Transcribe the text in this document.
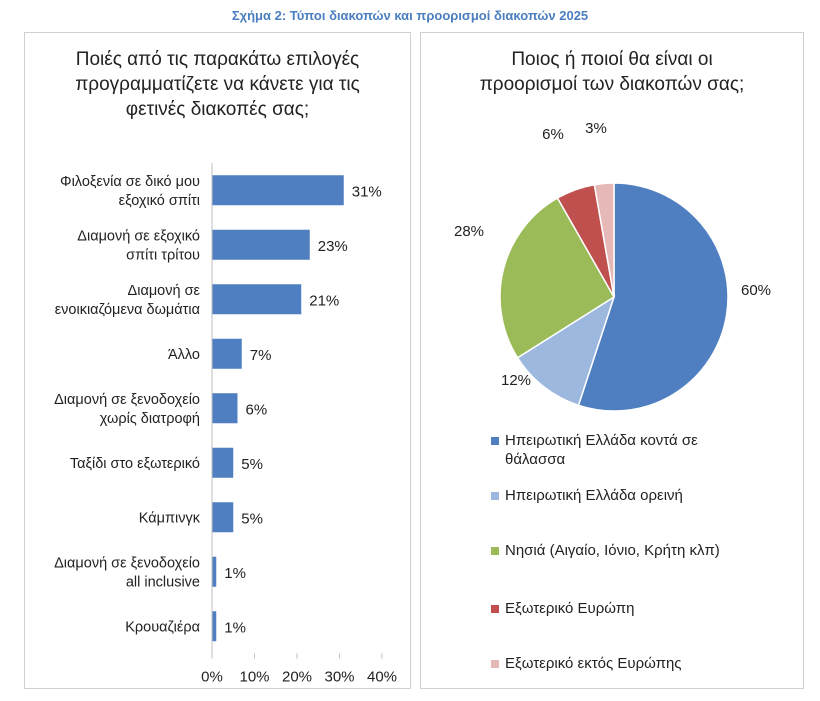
Σχήμα 2: Τύποι διακοπών και προορισμοί διακοπών 2025
Ποιές από τις παρακάτω επιλογές
προγραμματίζετε να κάνετε για τις
φετινές διακοπές σας;
31%
Φιλοξενία σε δικό μου εξοχικό σπίτι
23%
Διαμονή σε εξοχικό σπίτι τρίτου
21%
Διαμονή σε ενοικιαζόμενα δωμάτια
7%
Άλλο
6%
Διαμονή σε ξενοδοχείο χωρίς διατροφή
5%
Ταξίδι στο εξωτερικό
5%
Κάμπινγκ
1%
Διαμονή σε ξενοδοχείο all inclusive
1%
Κρουαζιέρα
0% 10% 20% 30% 40%
Ποιος ή ποιοί θα είναι οι
προορισμοί των διακοπών σας;
60%
12%
28%
6% 3%
Ηπειρωτική Ελλάδα κοντά σε
θάλασσα
Ηπειρωτική Ελλάδα ορεινή
Νησιά (Αιγαίο, Ιόνιο, Κρήτη κλπ)
Εξωτερικό Ευρώπη
Εξωτερικό εκτός Ευρώπης
